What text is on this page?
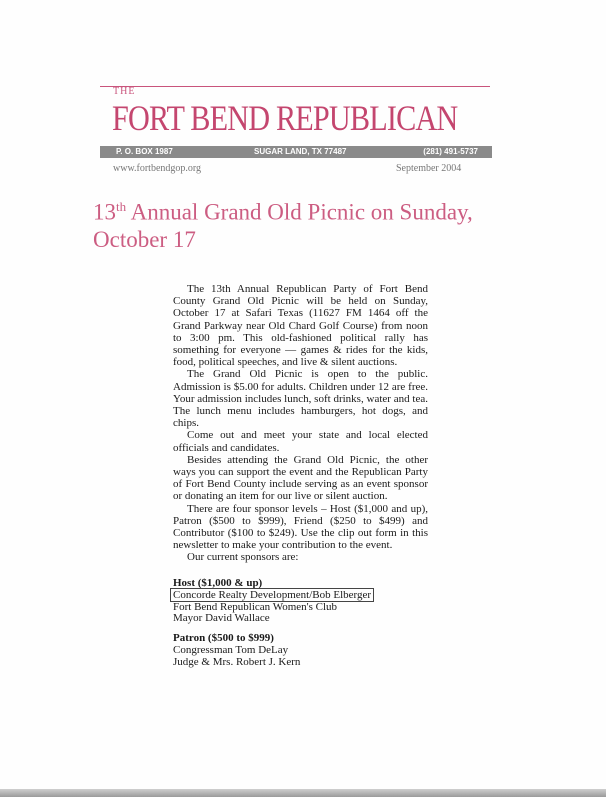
THE
FORT BEND REPUBLICAN
P. O. BOX 1987	SUGAR LAND, TX 77487	(281) 491-5737
www.fortbendgop.org	September 2004
13th Annual Grand Old Picnic on Sunday, October 17

The 13th Annual Republican Party of Fort Bend County Grand Old Picnic will be held on Sunday, October 17 at Safari Texas (11627 FM 1464 off the Grand Parkway near Old Chard Golf Course) from noon to 3:00 pm. This old-fashioned political rally has something for everyone — games & rides for the kids, food, political speeches, and live & silent auctions.

The Grand Old Picnic is open to the public. Admission is $5.00 for adults. Children under 12 are free. Your admission includes lunch, soft drinks, water and tea. The lunch menu includes hamburgers, hot dogs, and chips.

Come out and meet your state and local elected officials and candidates.

Besides attending the Grand Old Picnic, the other ways you can support the event and the Republican Party of Fort Bend County include serving as an event sponsor or donating an item for our live or silent auction.

There are four sponsor levels – Host ($1,000 and up), Patron ($500 to $999), Friend ($250 to $499) and Contributor ($100 to $249). Use the clip out form in this newsletter to make your contribution to the event.

Our current sponsors are:

Host ($1,000 & up)
Concorde Realty Development/Bob Elberger
Fort Bend Republican Women's Club
Mayor David Wallace
Patron ($500 to $999)
Congressman Tom DeLay
Judge & Mrs. Robert J. Kern
